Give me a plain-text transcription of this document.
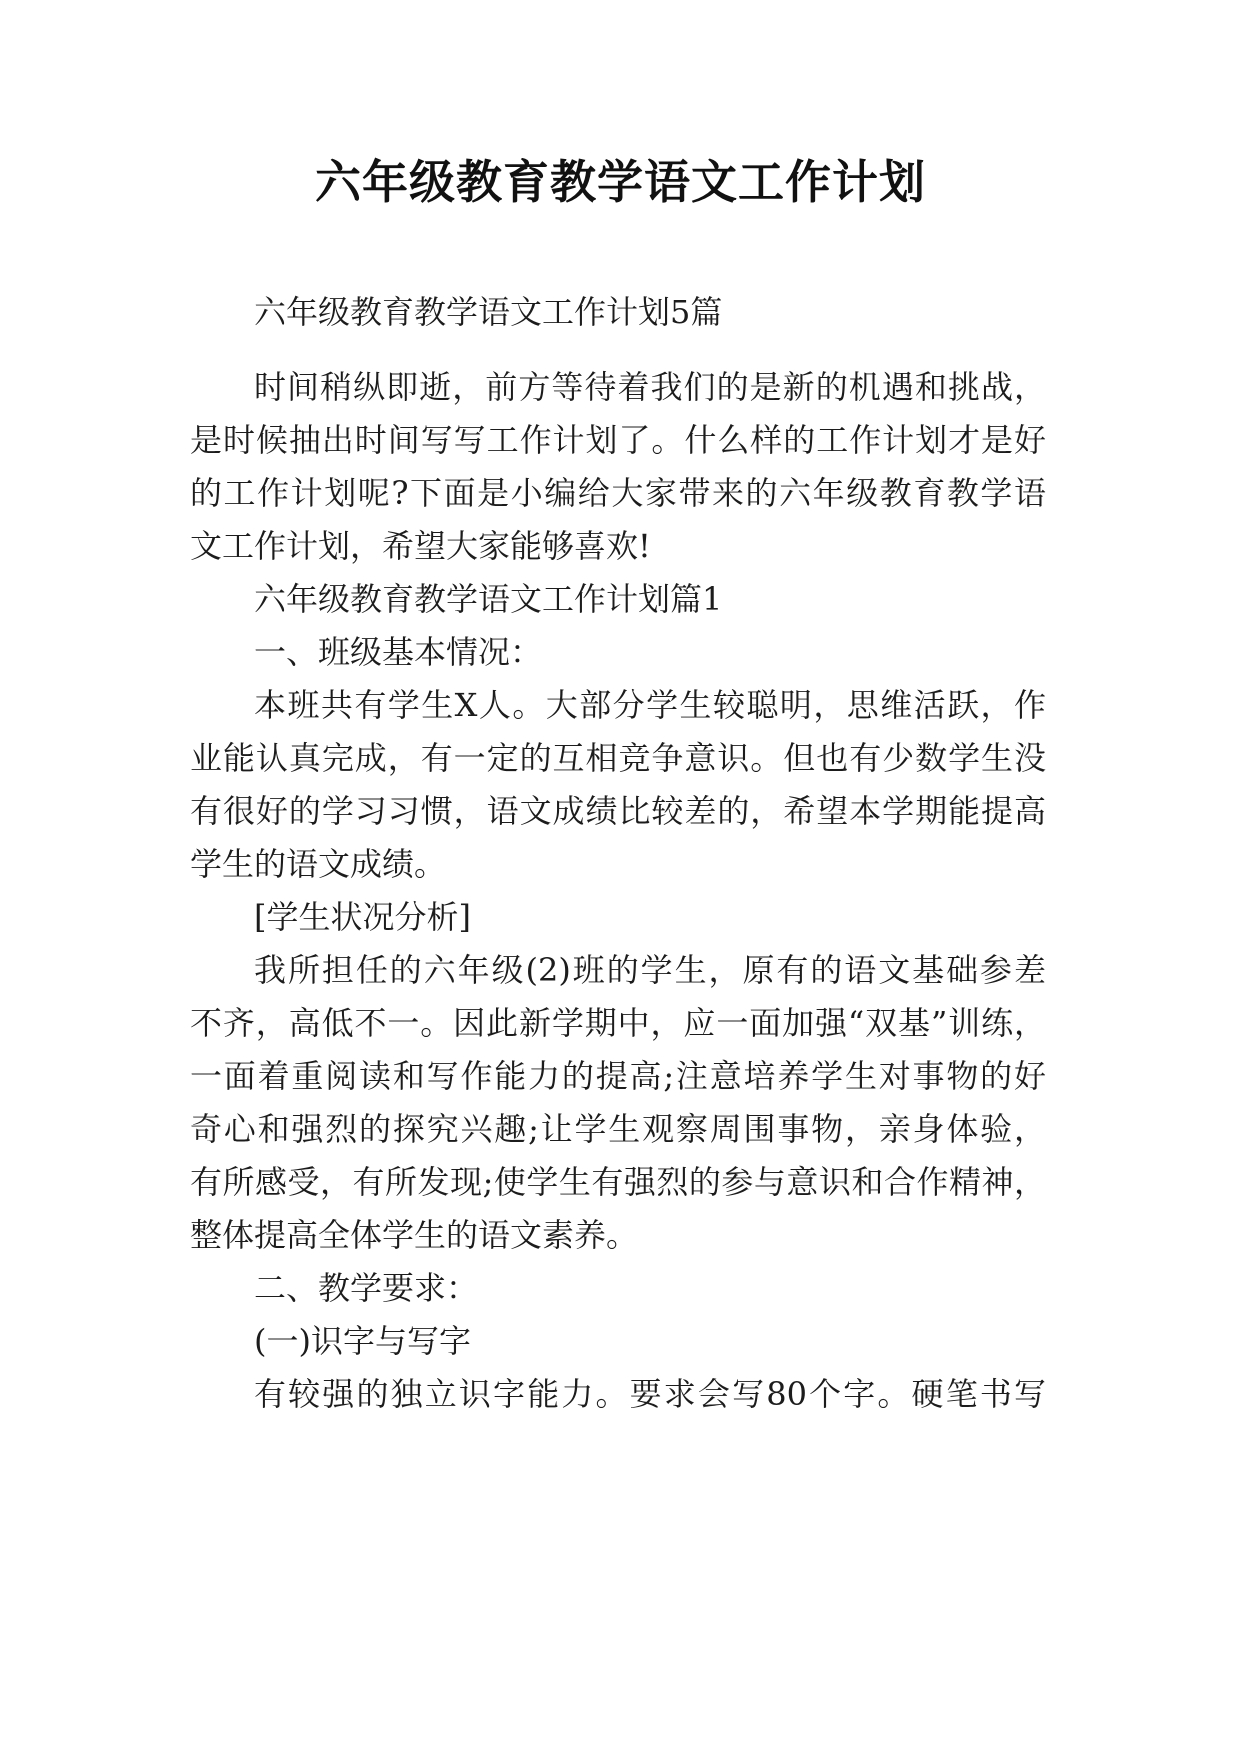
六年级教育教学语文工作计划
六年级教育教学语文工作计划5篇
时间稍纵即逝，前方等待着我们的是新的机遇和挑战，
是时候抽出时间写写工作计划了。什么样的工作计划才是好
的工作计划呢?下面是小编给大家带来的六年级教育教学语
文工作计划，希望大家能够喜欢!
六年级教育教学语文工作计划篇1
一、班级基本情况：
本班共有学生X人。大部分学生较聪明，思维活跃，作
业能认真完成，有一定的互相竞争意识。但也有少数学生没
有很好的学习习惯，语文成绩比较差的，希望本学期能提高
学生的语文成绩。
[学生状况分析]
我所担任的六年级(2)班的学生，原有的语文基础参差
不齐，高低不一。因此新学期中，应一面加强“双基”训练，
一面着重阅读和写作能力的提高;注意培养学生对事物的好
奇心和强烈的探究兴趣;让学生观察周围事物，亲身体验，
有所感受，有所发现;使学生有强烈的参与意识和合作精神，
整体提高全体学生的语文素养。
二、教学要求：
(一)识字与写字
有较强的独立识字能力。要求会写80个字。硬笔书写
